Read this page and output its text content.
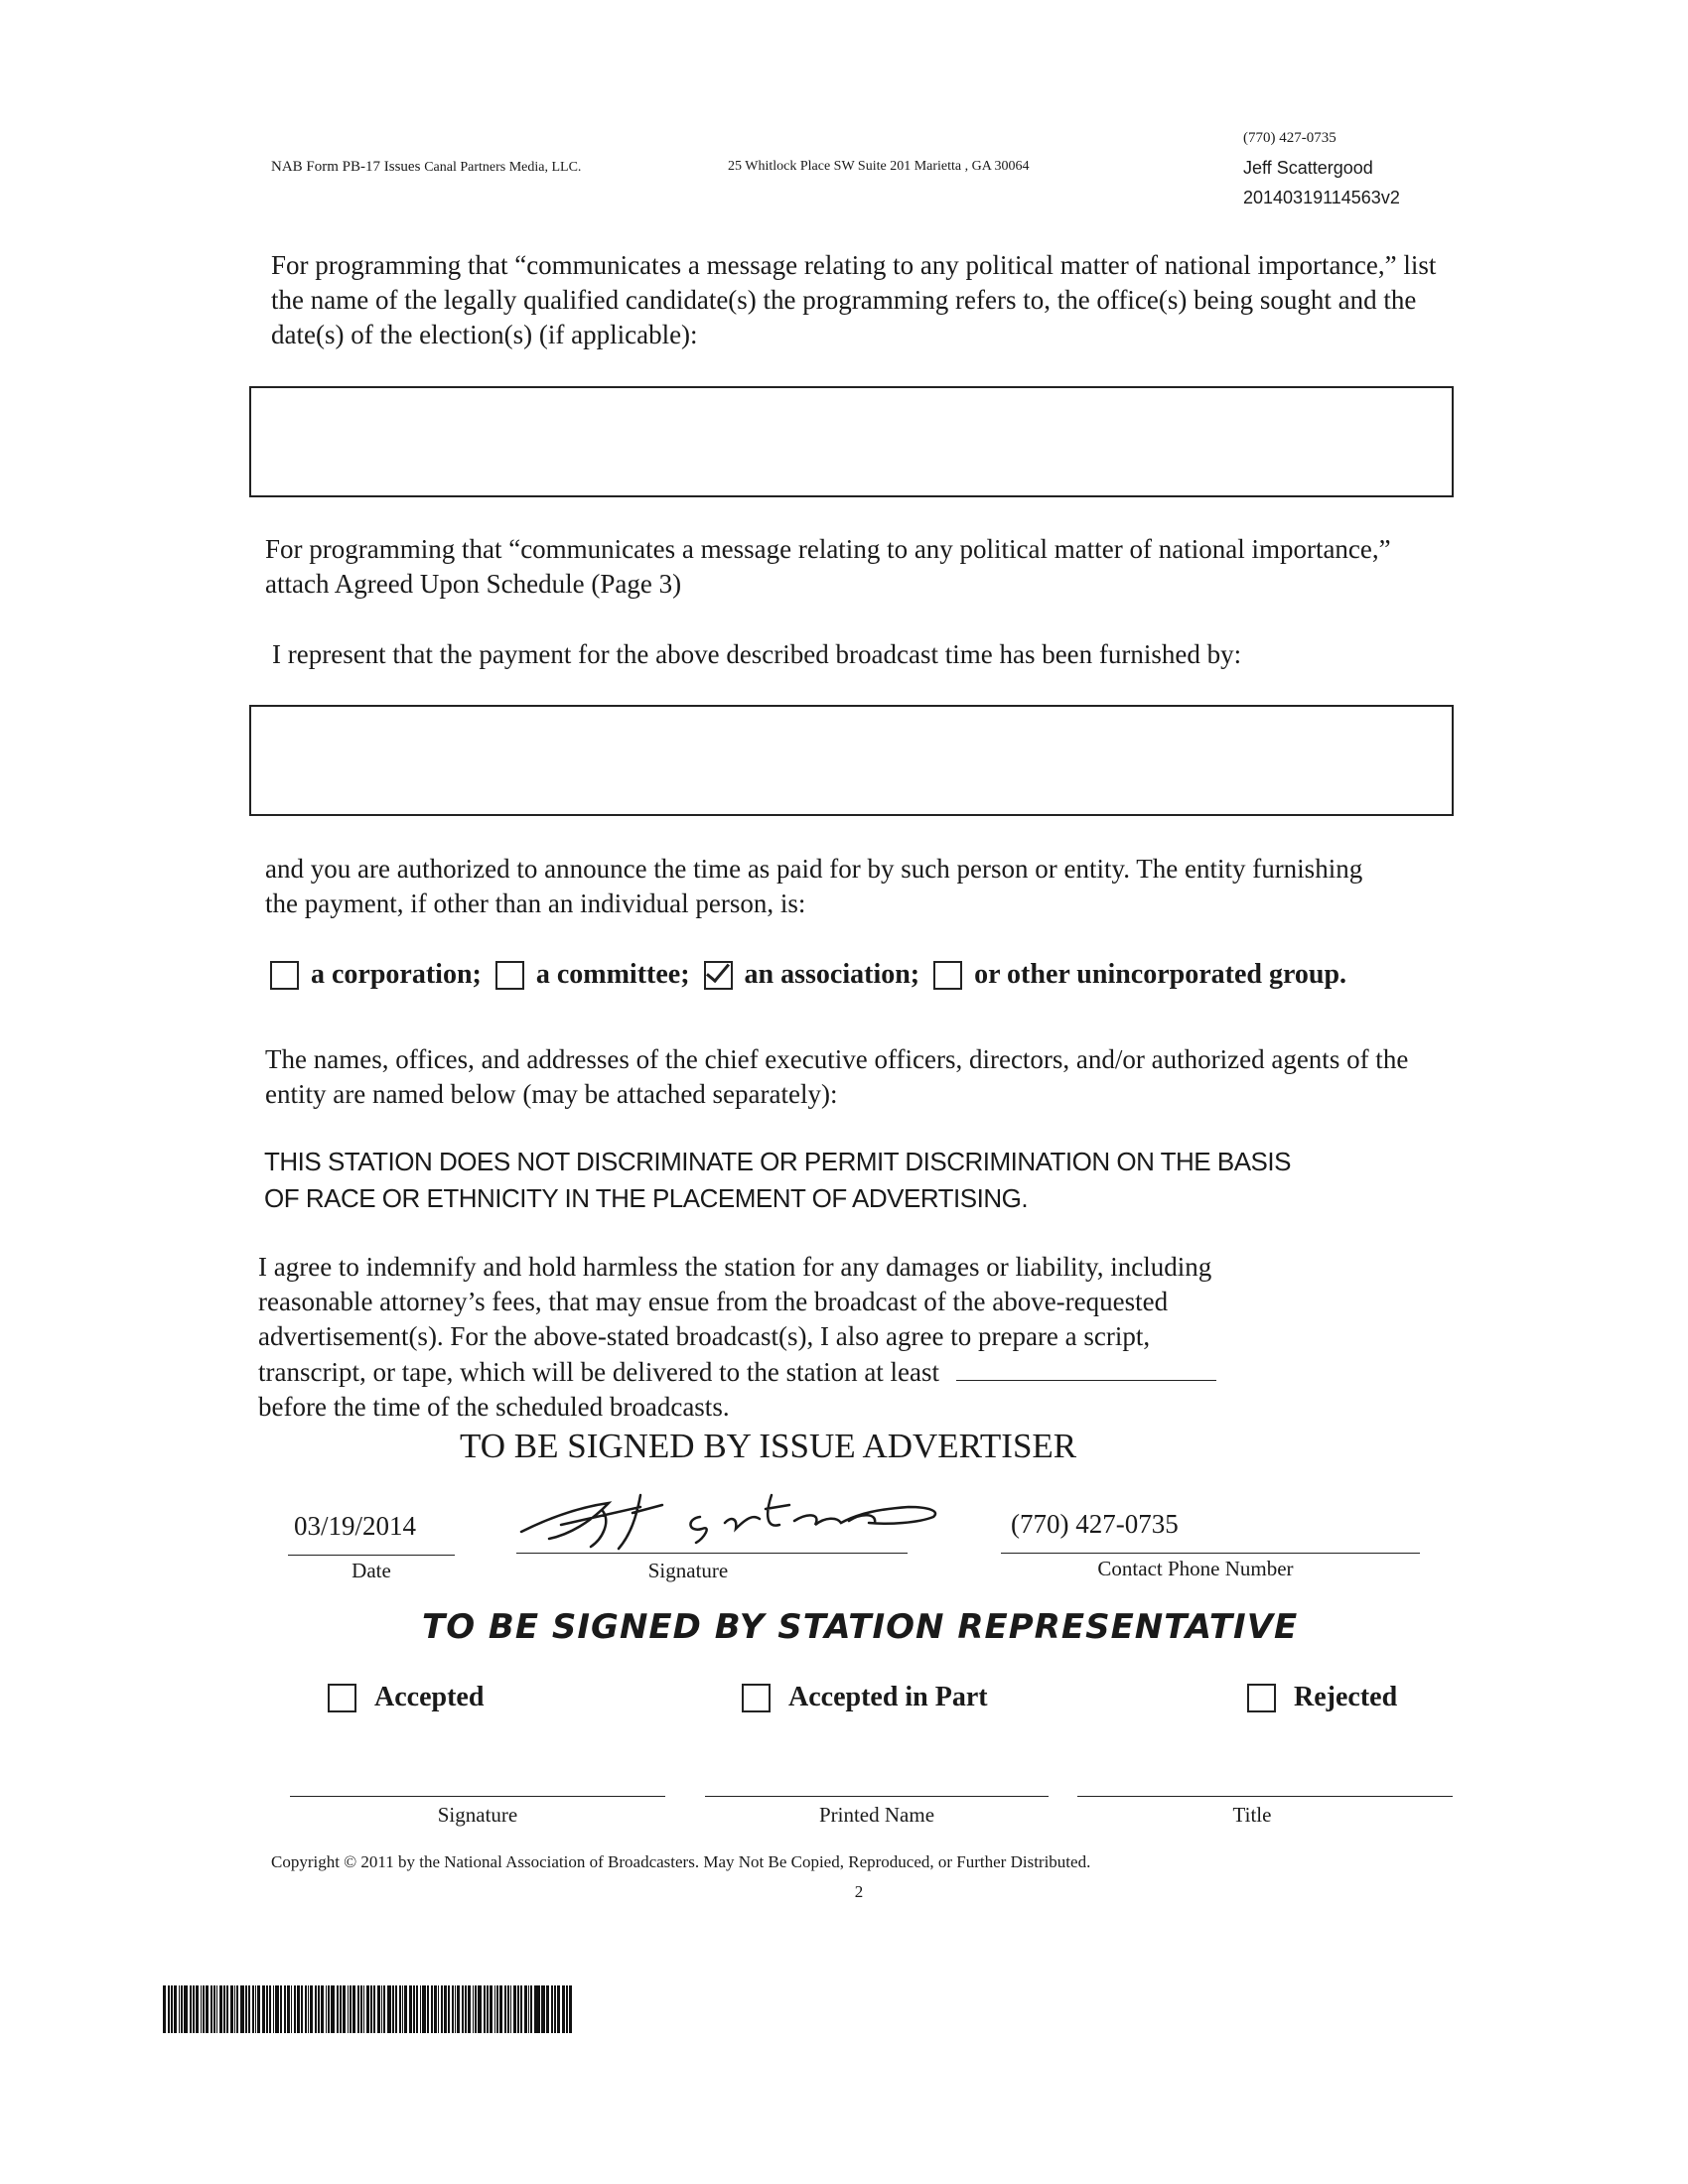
NAB Form PB-17 Issues Canal Partners Media, LLC.	25 Whitlock Place SW Suite 201 Marietta , GA 30064
(770) 427-0735
Jeff Scattergood
20140319114563v2
For programming that “communicates a message relating to any political matter of national importance,” list the name of the legally qualified candidate(s) the programming refers to, the office(s) being sought and the date(s) of the election(s) (if applicable):
For programming that “communicates a message relating to any political matter of national importance,” attach Agreed Upon Schedule (Page 3)
I represent that the payment for the above described broadcast time has been furnished by:
and you are authorized to announce the time as paid for by such person or entity. The entity furnishing the payment, if other than an individual person, is:
a corporation; a committee; an association; or other unincorporated group.
The names, offices, and addresses of the chief executive officers, directors, and/or authorized agents of the entity are named below (may be attached separately):
THIS STATION DOES NOT DISCRIMINATE OR PERMIT DISCRIMINATION ON THE BASIS
OF RACE OR ETHNICITY IN THE PLACEMENT OF ADVERTISING.
I agree to indemnify and hold harmless the station for any damages or liability, including
reasonable attorney’s fees, that may ensue from the broadcast of the above-requested
advertisement(s). For the above-stated broadcast(s), I also agree to prepare a script,
transcript, or tape, which will be delivered to the station at least
before the time of the scheduled broadcasts.
TO BE SIGNED BY ISSUE ADVERTISER
03/19/2014
Date	Signature
(770) 427-0735
Contact Phone Number
TO BE SIGNED BY STATION REPRESENTATIVE
Accepted	Accepted in Part	Rejected
Signature	Printed Name	Title
Copyright © 2011 by the National Association of Broadcasters. May Not Be Copied, Reproduced, or Further Distributed.
2
